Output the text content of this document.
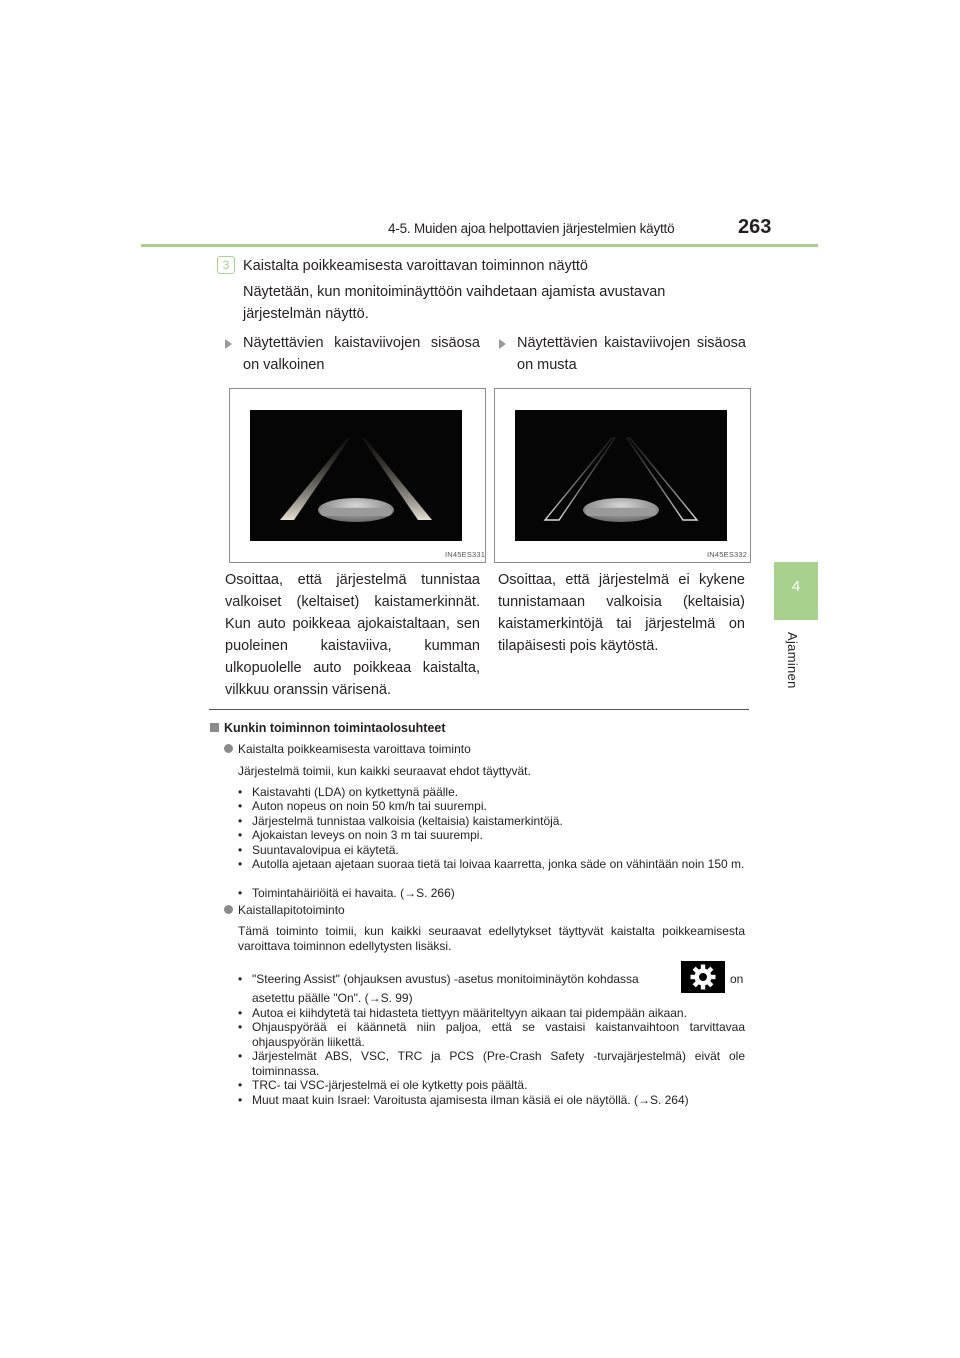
4-5. Muiden ajoa helpottavien järjestelmien käyttö	263
4
Ajaminen
3 Kaistalta poikkeamisesta varoittavan toiminnon näyttö
Näytetään, kun monitoiminäyttöön vaihdetaan ajamista avustavan järjestelmän näyttö.
Näytettävien kaistaviivojen sisäosa on valkoinen
Näytettävien kaistaviivojen sisäosa on musta
IN45ES331	IN45ES332
Osoittaa, että järjestelmä tunnistaa valkoiset (keltaiset) kaistamerkinnät. Kun auto poikkeaa ajokaistaltaan, sen puoleinen kaistaviiva, kumman ulkopuolelle auto poikkeaa kaistalta, vilkkuu oranssin värisenä.
Osoittaa, että järjestelmä ei kykene tunnistamaan valkoisia (keltaisia) kaistamerkintöjä tai järjestelmä on tilapäisesti pois käytöstä.
Kunkin toiminnon toimintaolosuhteet
Kaistalta poikkeamisesta varoittava toiminto
Järjestelmä toimii, kun kaikki seuraavat ehdot täyttyvät.
• Kaistavahti (LDA) on kytkettynä päälle.
• Auton nopeus on noin 50 km/h tai suurempi.
• Järjestelmä tunnistaa valkoisia (keltaisia) kaistamerkintöjä.
• Ajokaistan leveys on noin 3 m tai suurempi.
• Suuntavalovipua ei käytetä.
• Autolla ajetaan ajetaan suoraa tietä tai loivaa kaarretta, jonka säde on vähintään noin 150 m.
• Toimintahäiriöitä ei havaita. (→S. 266)
Kaistallapitotoiminto
Tämä toiminto toimii, kun kaikki seuraavat edellytykset täyttyvät kaistalta poikkeamisesta varoittava toiminnon edellytysten lisäksi.
• "Steering Assist" (ohjauksen avustus) -asetus monitoiminäytön kohdassa	on
asetettu päälle "On". (→S. 99)
• Autoa ei kiihdytetä tai hidasteta tiettyyn määriteltyyn aikaan tai pidempään aikaan.
• Ohjauspyörää ei käännetä niin paljoa, että se vastaisi kaistanvaihtoon tarvittavaa ohjauspyörän liikettä.
• Järjestelmät ABS, VSC, TRC ja PCS (Pre-Crash Safety -turvajärjestelmä) eivät ole toiminnassa.
• TRC- tai VSC-järjestelmä ei ole kytketty pois päältä.
• Muut maat kuin Israel: Varoitusta ajamisesta ilman käsiä ei ole näytöllä. (→S. 264)
